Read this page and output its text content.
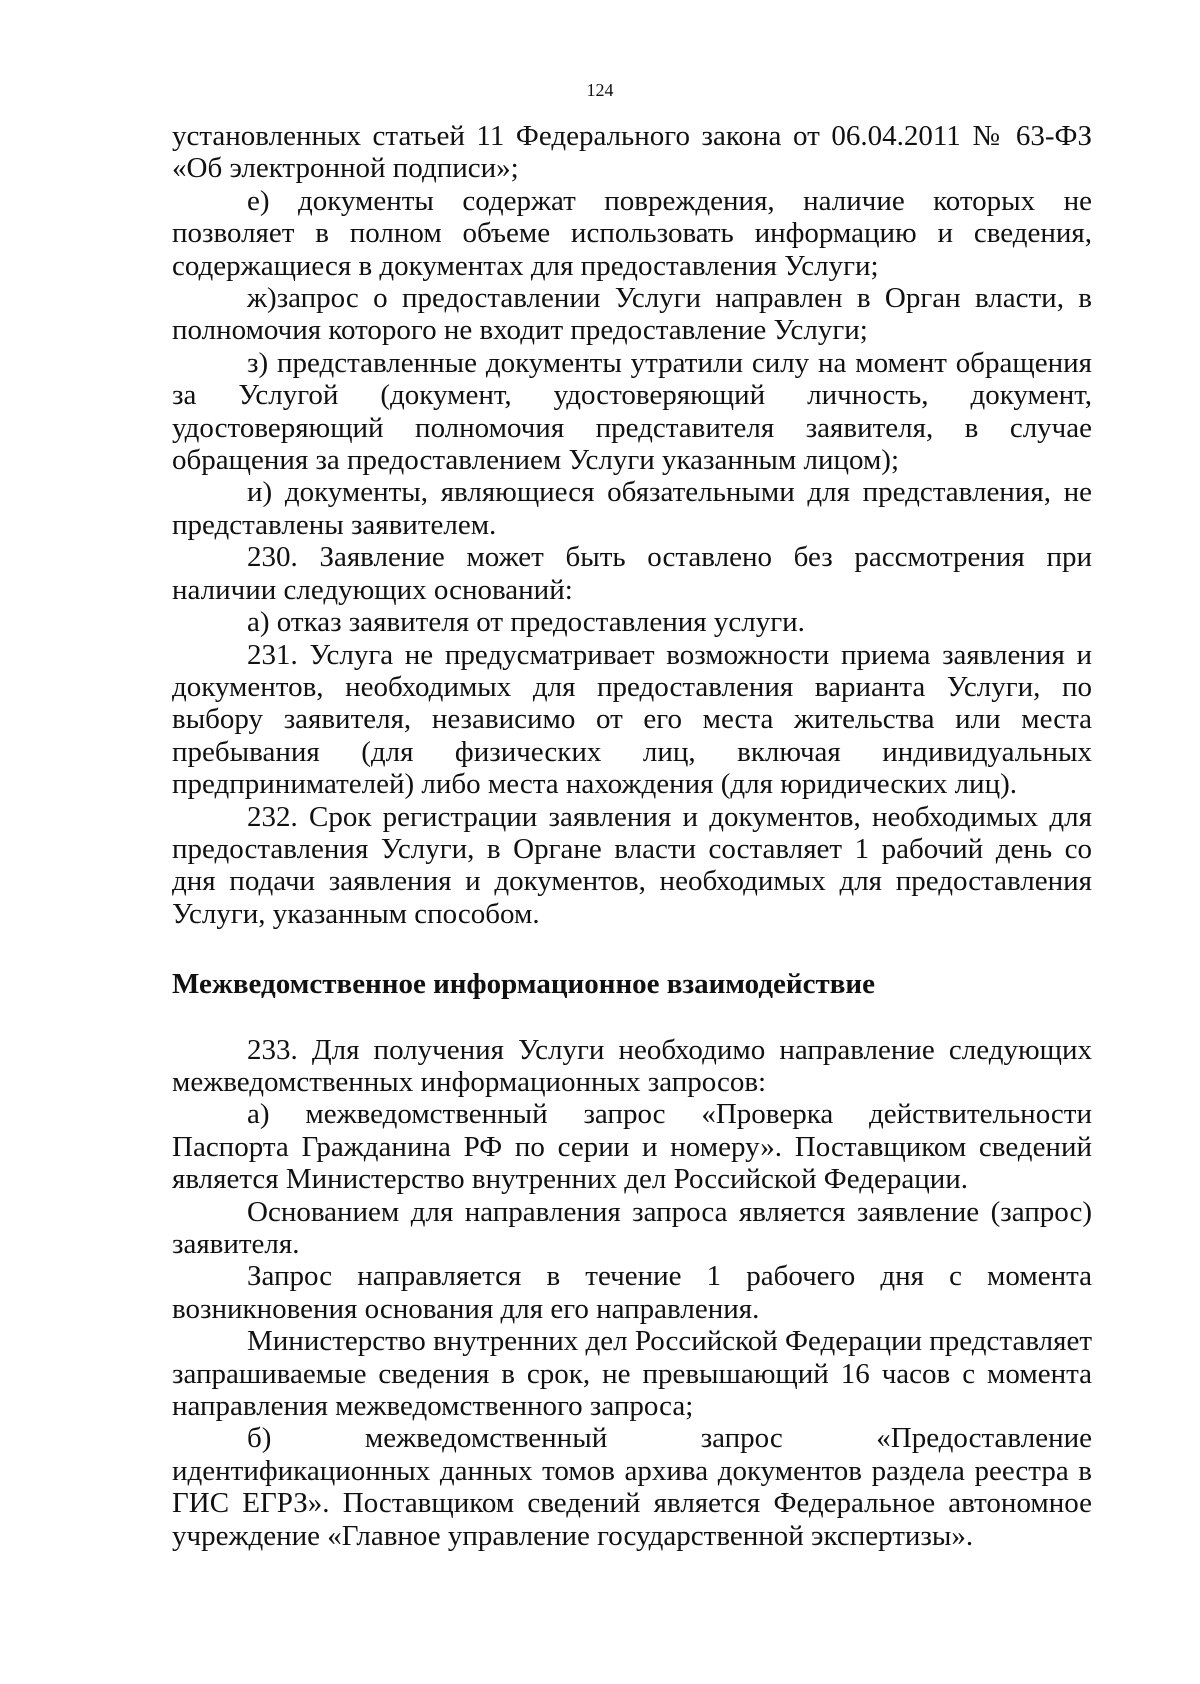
124

установленных статьей 11 Федерального закона от 06.04.2011 № 63-ФЗ «Об электронной подписи»;

е) документы содержат повреждения, наличие которых не позволяет в полном объеме использовать информацию и сведения, содержащиеся в документах для предоставления Услуги;

ж)запрос о предоставлении Услуги направлен в Орган власти, в полномочия которого не входит предоставление Услуги;

з) представленные документы утратили силу на момент обращения за Услугой (документ, удостоверяющий личность, документ, удостоверяющий полномочия представителя заявителя, в случае обращения за предоставлением Услуги указанным лицом);

и) документы, являющиеся обязательными для представления, не представлены заявителем.

230. Заявление может быть оставлено без рассмотрения при наличии следующих оснований:

а) отказ заявителя от предоставления услуги.

231. Услуга не предусматривает возможности приема заявления и документов, необходимых для предоставления варианта Услуги, по выбору заявителя, независимо от его места жительства или места пребывания (для физических лиц, включая индивидуальных предпринимателей) либо места нахождения (для юридических лиц).

232. Срок регистрации заявления и документов, необходимых для предоставления Услуги, в Органе власти составляет 1 рабочий день со дня подачи заявления и документов, необходимых для предоставления Услуги, указанным способом.

Межведомственное информационное взаимодействие

233. Для получения Услуги необходимо направление следующих межведомственных информационных запросов:

а) межведомственный запрос «Проверка действительности Паспорта Гражданина РФ по серии и номеру». Поставщиком сведений является Министерство внутренних дел Российской Федерации.

Основанием для направления запроса является заявление (запрос) заявителя.

Запрос направляется в течение 1 рабочего дня с момента возникновения основания для его направления.

Министерство внутренних дел Российской Федерации представляет запрашиваемые сведения в срок, не превышающий 16 часов с момента направления межведомственного запроса;

б) межведомственный запрос «Предоставление идентификационных данных томов архива документов раздела реестра в ГИС ЕГРЗ». Поставщиком сведений является Федеральное автономное учреждение «Главное управление государственной экспертизы».
